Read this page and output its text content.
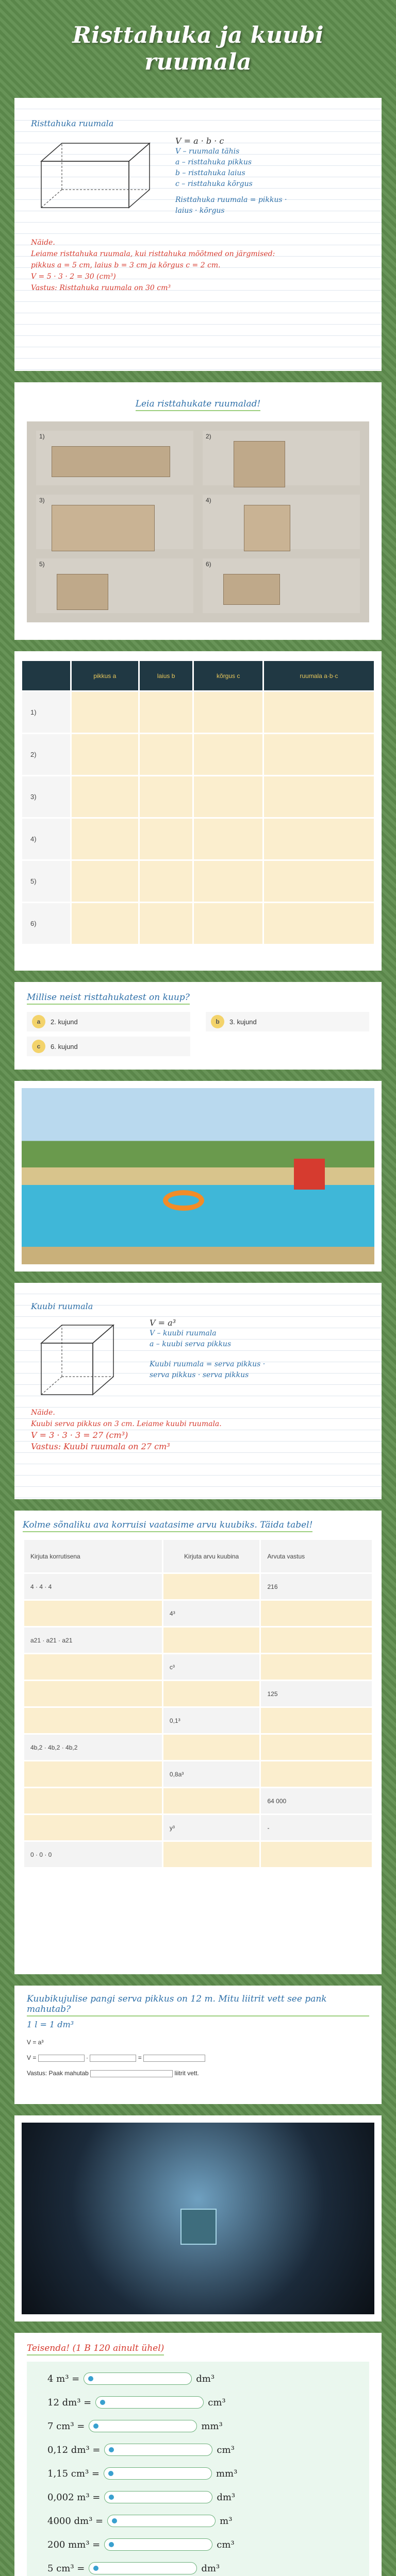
Risttahuka ja kuubi ruumala
Risttahuka ruumala
V = a · b · c
V – ruumala tähis
a – risttahuka pikkus
b – risttahuka laius
c – risttahuka kõrgus
Risttahuka ruumala = pikkus · laius · kõrgus
Näide.
Leiame risttahuka ruumala, kui risttahuka mõõtmed on järgmised:
pikkus a = 5 cm, laius b = 3 cm ja kõrgus c = 2 cm.
V = 5 · 3 · 2 = 30 (cm³)
Vastus: Risttahuka ruumala on 30 cm³
Leia risttahukate ruumalad!
1)	2)
3)	4)
5)	6)
	pikkus a	laius b	kõrgus c	ruumala a·b·c
1)				
2)				
3)				
4)				
5)				
6)				
Millise neist risttahukatest on kuup?
a	2. kujund	b	3. kujund
c	6. kujund
Kuubi ruumala
V = a³
V – kuubi ruumala
a – kuubi serva pikkus
Kuubi ruumala = serva pikkus · serva pikkus · serva pikkus
Näide.
Kuubi serva pikkus on 3 cm. Leiame kuubi ruumala.
V = 3 · 3 · 3 = 27 (cm³)
Vastus: Kuubi ruumala on 27 cm³
Kolme sõnaliku ava korruisi vaatasime arvu kuubiks. Täida tabel!
Kirjuta korrutisena	Kirjuta arvu kuubina	Arvuta vastus
4 · 4 · 4		216
	4³	
a21 · a21 · a21		
	c³	
		125
	0,1³	
4b,2 · 4b,2 · 4b,2		
	0,8a³	
		64 000
	y³	-
0 · 0 · 0		
Kuubikujulise pangi serva pikkus on 12 m. Mitu liitrit vett see pank mahutab?
1 l = 1 dm³
V = a³
V =	·	=
Vastus: Paak mahutab	liitrit vett.
Teisenda! (1 B 120 ainult ühel)
4 m³ =	dm³
12 dm³ =	cm³
7 cm³ =	mm³
0,12 dm³ =	cm³
1,15 cm³ =	mm³
0,002 m³ =	dm³
4000 dm³ =	m³
200 mm³ =	cm³
5 cm³ =	dm³
